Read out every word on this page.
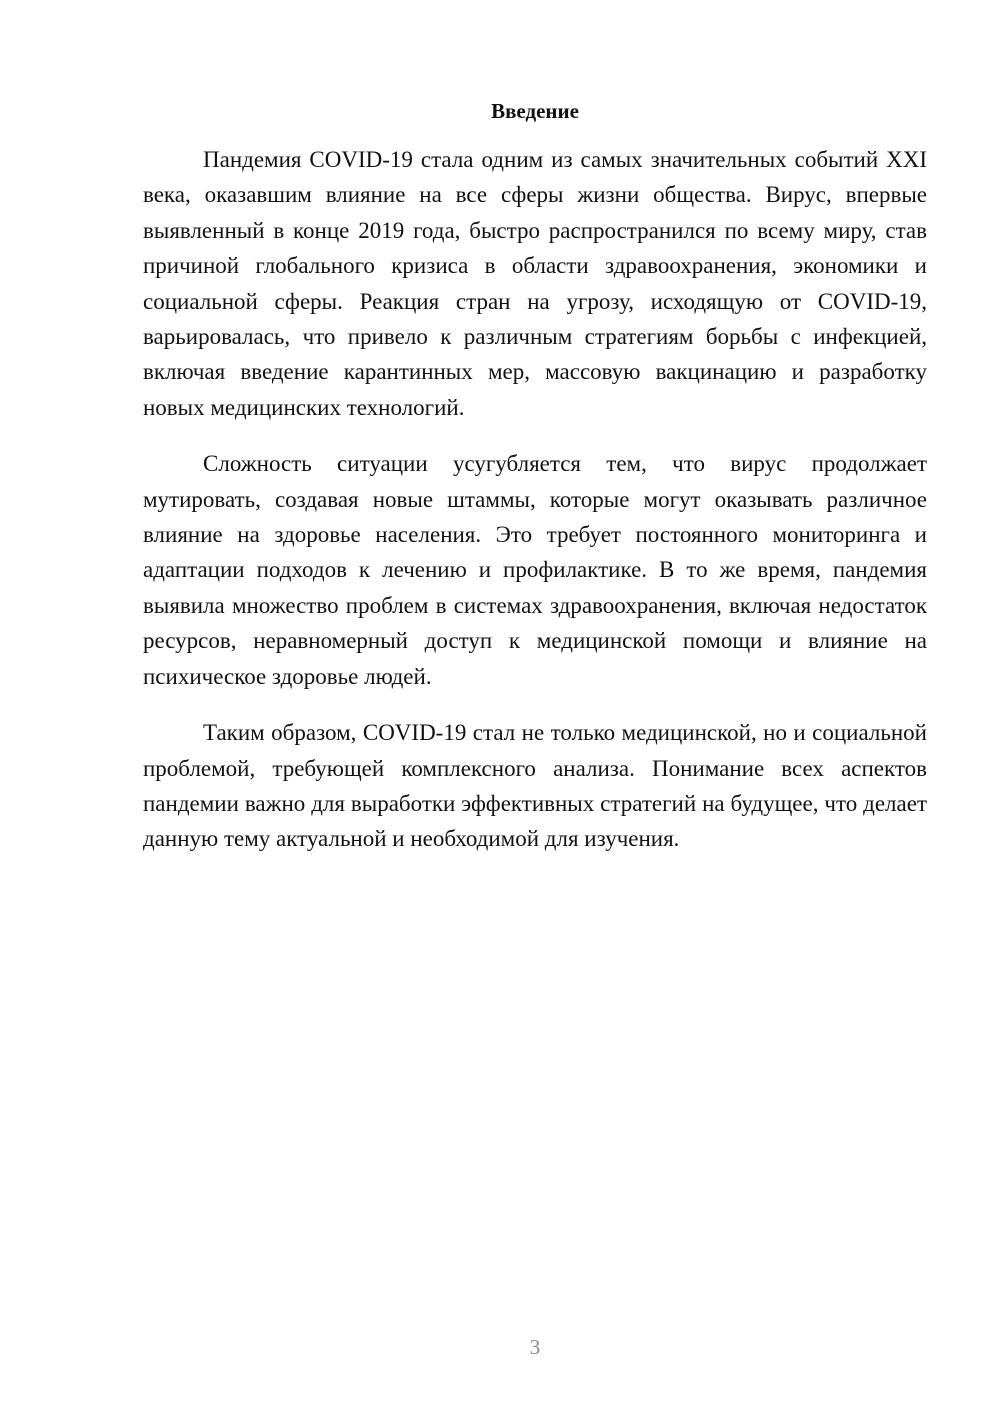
Введение

Пандемия COVID-19 стала одним из самых значительных событий XXI века, оказавшим влияние на все сферы жизни общества. Вирус, впервые выявленный в конце 2019 года, быстро распространился по всему миру, став причиной глобального кризиса в области здравоохранения, экономики и социальной сферы. Реакция стран на угрозу, исходящую от COVID-19, варьировалась, что привело к различным стратегиям борьбы с инфекцией, включая введение карантинных мер, массовую вакцинацию и разработку новых медицинских технологий.

Сложность ситуации усугубляется тем, что вирус продолжает мутировать, создавая новые штаммы, которые могут оказывать различное влияние на здоровье населения. Это требует постоянного мониторинга и адаптации подходов к лечению и профилактике. В то же время, пандемия выявила множество проблем в системах здравоохранения, включая недостаток ресурсов, неравномерный доступ к медицинской помощи и влияние на психическое здоровье людей.

Таким образом, COVID-19 стал не только медицинской, но и социальной проблемой, требующей комплексного анализа. Понимание всех аспектов пандемии важно для выработки эффективных стратегий на будущее, что делает данную тему актуальной и необходимой для изучения.

3
